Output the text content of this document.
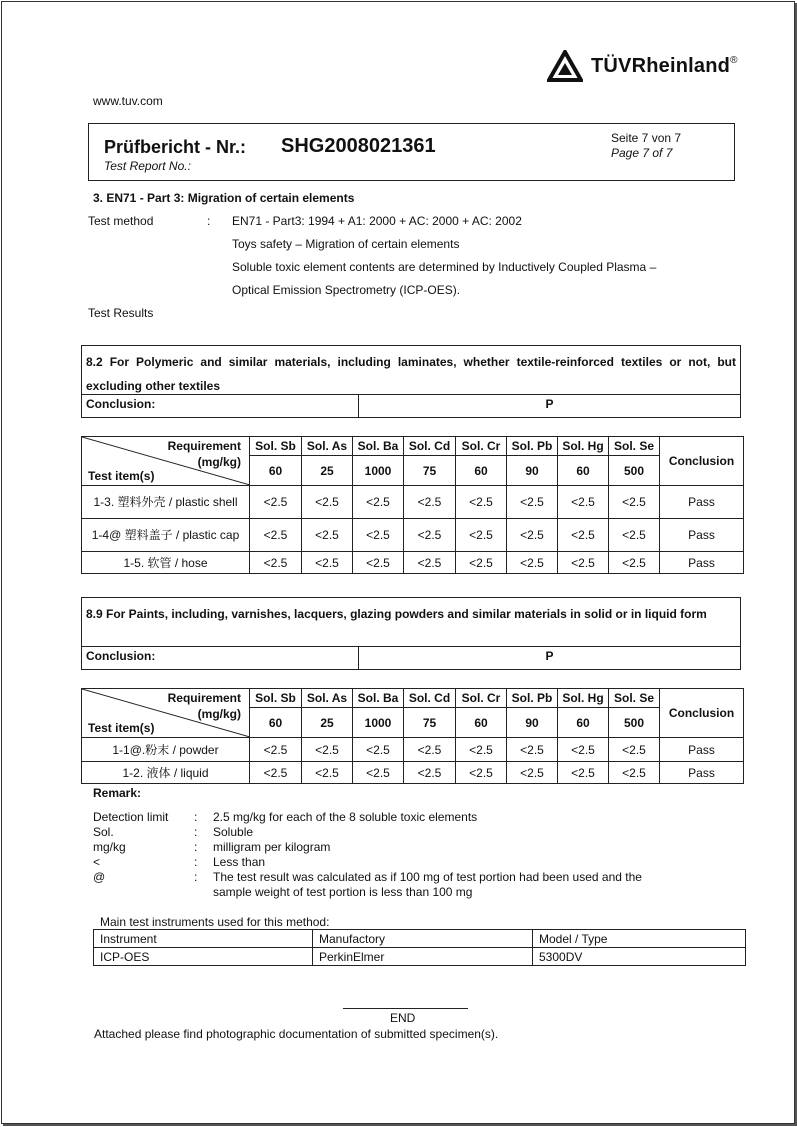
TÜVRheinland®
www.tuv.com
Prüfbericht - Nr.:
Test Report No.:
SHG2008021361	Seite 7 von 7
Page 7 of 7
3. EN71 - Part 3: Migration of certain elements
Test method	: EN71 - Part3: 1994 + A1: 2000 + AC: 2000 + AC: 2002
Toys safety – Migration of certain elements
Soluble toxic element contents are determined by Inductively Coupled Plasma –
Optical Emission Spectrometry (ICP-OES).
Test Results
8.2 For Polymeric and similar materials, including laminates, whether textile-reinforced textiles or not, but excluding other textiles
Conclusion:	P
Requirement
(mg/kg)
Test item(s)	Sol. Sb	Sol. As	Sol. Ba	Sol. Cd	Sol. Cr	Sol. Pb	Sol. Hg	Sol. Se	Conclusion
	60	25	1000	75	60	90	60	500	
1-3. 塑料外壳 / plastic shell	<2.5	<2.5	<2.5	<2.5	<2.5	<2.5	<2.5	<2.5	Pass
1-4@ 塑料盖子 / plastic cap	<2.5	<2.5	<2.5	<2.5	<2.5	<2.5	<2.5	<2.5	Pass
1-5. 软管 / hose	<2.5	<2.5	<2.5	<2.5	<2.5	<2.5	<2.5	<2.5	Pass
8.9 For Paints, including, varnishes, lacquers, glazing powders and similar materials in solid or in liquid form
Conclusion:	P
Requirement
(mg/kg)
Test item(s)	Sol. Sb	Sol. As	Sol. Ba	Sol. Cd	Sol. Cr	Sol. Pb	Sol. Hg	Sol. Se	Conclusion
	60	25	1000	75	60	90	60	500	
1-1@.粉末 / powder	<2.5	<2.5	<2.5	<2.5	<2.5	<2.5	<2.5	<2.5	Pass
1-2. 液体 / liquid	<2.5	<2.5	<2.5	<2.5	<2.5	<2.5	<2.5	<2.5	Pass
Remark:
Detection limit : 2.5 mg/kg for each of the 8 soluble toxic elements
Sol.	: Soluble
mg/kg	: milligram per kilogram
<	: Less than
@	: The test result was calculated as if 100 mg of test portion had been used and the
sample weight of test portion is less than 100 mg
Main test instruments used for this method:
Instrument	Manufactory	Model / Type
ICP-OES	PerkinElmer	5300DV
END
Attached please find photographic documentation of submitted specimen(s).
